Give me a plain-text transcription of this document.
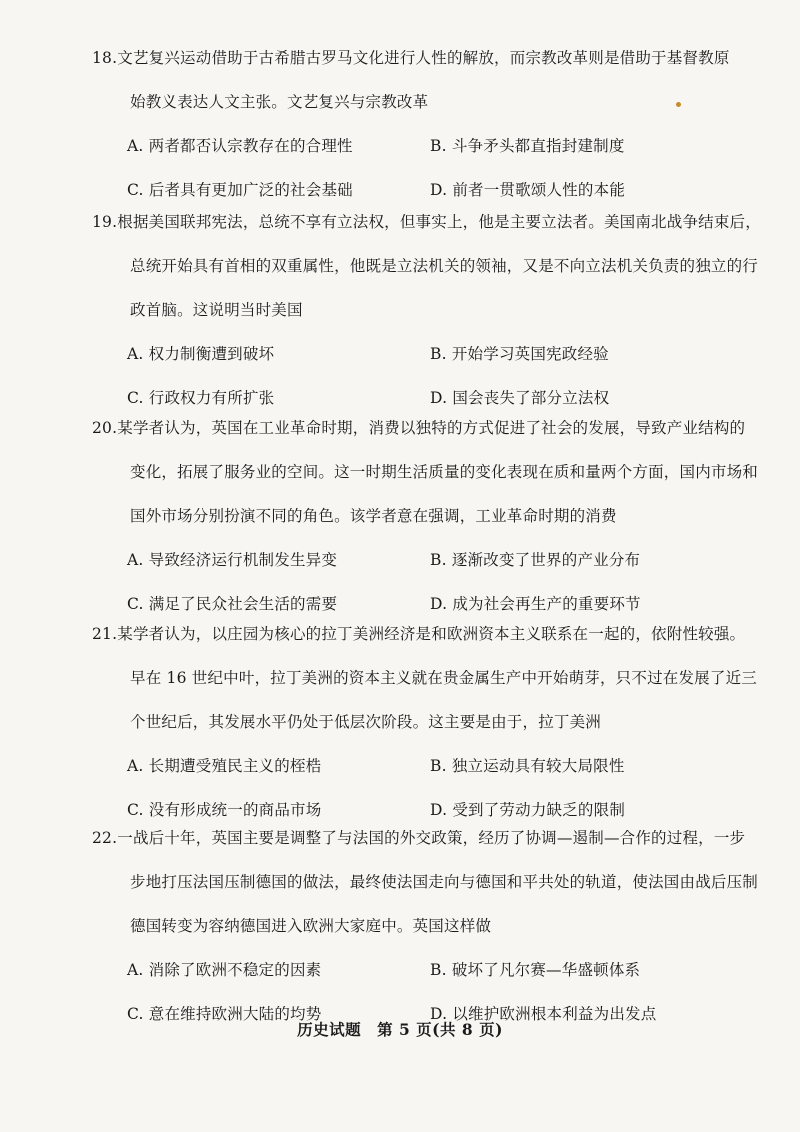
18.文艺复兴运动借助于古希腊古罗马文化进行人性的解放，而宗教改革则是借助于基督教原
始教义表达人文主张。文艺复兴与宗教改革
A. 两者都否认宗教存在的合理性	B. 斗争矛头都直指封建制度
C. 后者具有更加广泛的社会基础	D. 前者一贯歌颂人性的本能
19.根据美国联邦宪法，总统不享有立法权，但事实上，他是主要立法者。美国南北战争结束后，
总统开始具有首相的双重属性，他既是立法机关的领袖，又是不向立法机关负责的独立的行
政首脑。这说明当时美国
A. 权力制衡遭到破坏	B. 开始学习英国宪政经验
C. 行政权力有所扩张	D. 国会丧失了部分立法权
20.某学者认为，英国在工业革命时期，消费以独特的方式促进了社会的发展，导致产业结构的
变化，拓展了服务业的空间。这一时期生活质量的变化表现在质和量两个方面，国内市场和
国外市场分别扮演不同的角色。该学者意在强调，工业革命时期的消费
A. 导致经济运行机制发生异变	B. 逐渐改变了世界的产业分布
C. 满足了民众社会生活的需要	D. 成为社会再生产的重要环节
21.某学者认为，以庄园为核心的拉丁美洲经济是和欧洲资本主义联系在一起的，依附性较强。
早在 16 世纪中叶，拉丁美洲的资本主义就在贵金属生产中开始萌芽，只不过在发展了近三
个世纪后，其发展水平仍处于低层次阶段。这主要是由于，拉丁美洲
A. 长期遭受殖民主义的桎梏	B. 独立运动具有较大局限性
C. 没有形成统一的商品市场	D. 受到了劳动力缺乏的限制
22.一战后十年，英国主要是调整了与法国的外交政策，经历了协调—遏制—合作的过程，一步
步地打压法国压制德国的做法，最终使法国走向与德国和平共处的轨道，使法国由战后压制
德国转变为容纳德国进入欧洲大家庭中。英国这样做
A. 消除了欧洲不稳定的因素	B. 破坏了凡尔赛—华盛顿体系
C. 意在维持欧洲大陆的均势	D. 以维护欧洲根本利益为出发点
历史试题　第 5 页(共 8 页)
